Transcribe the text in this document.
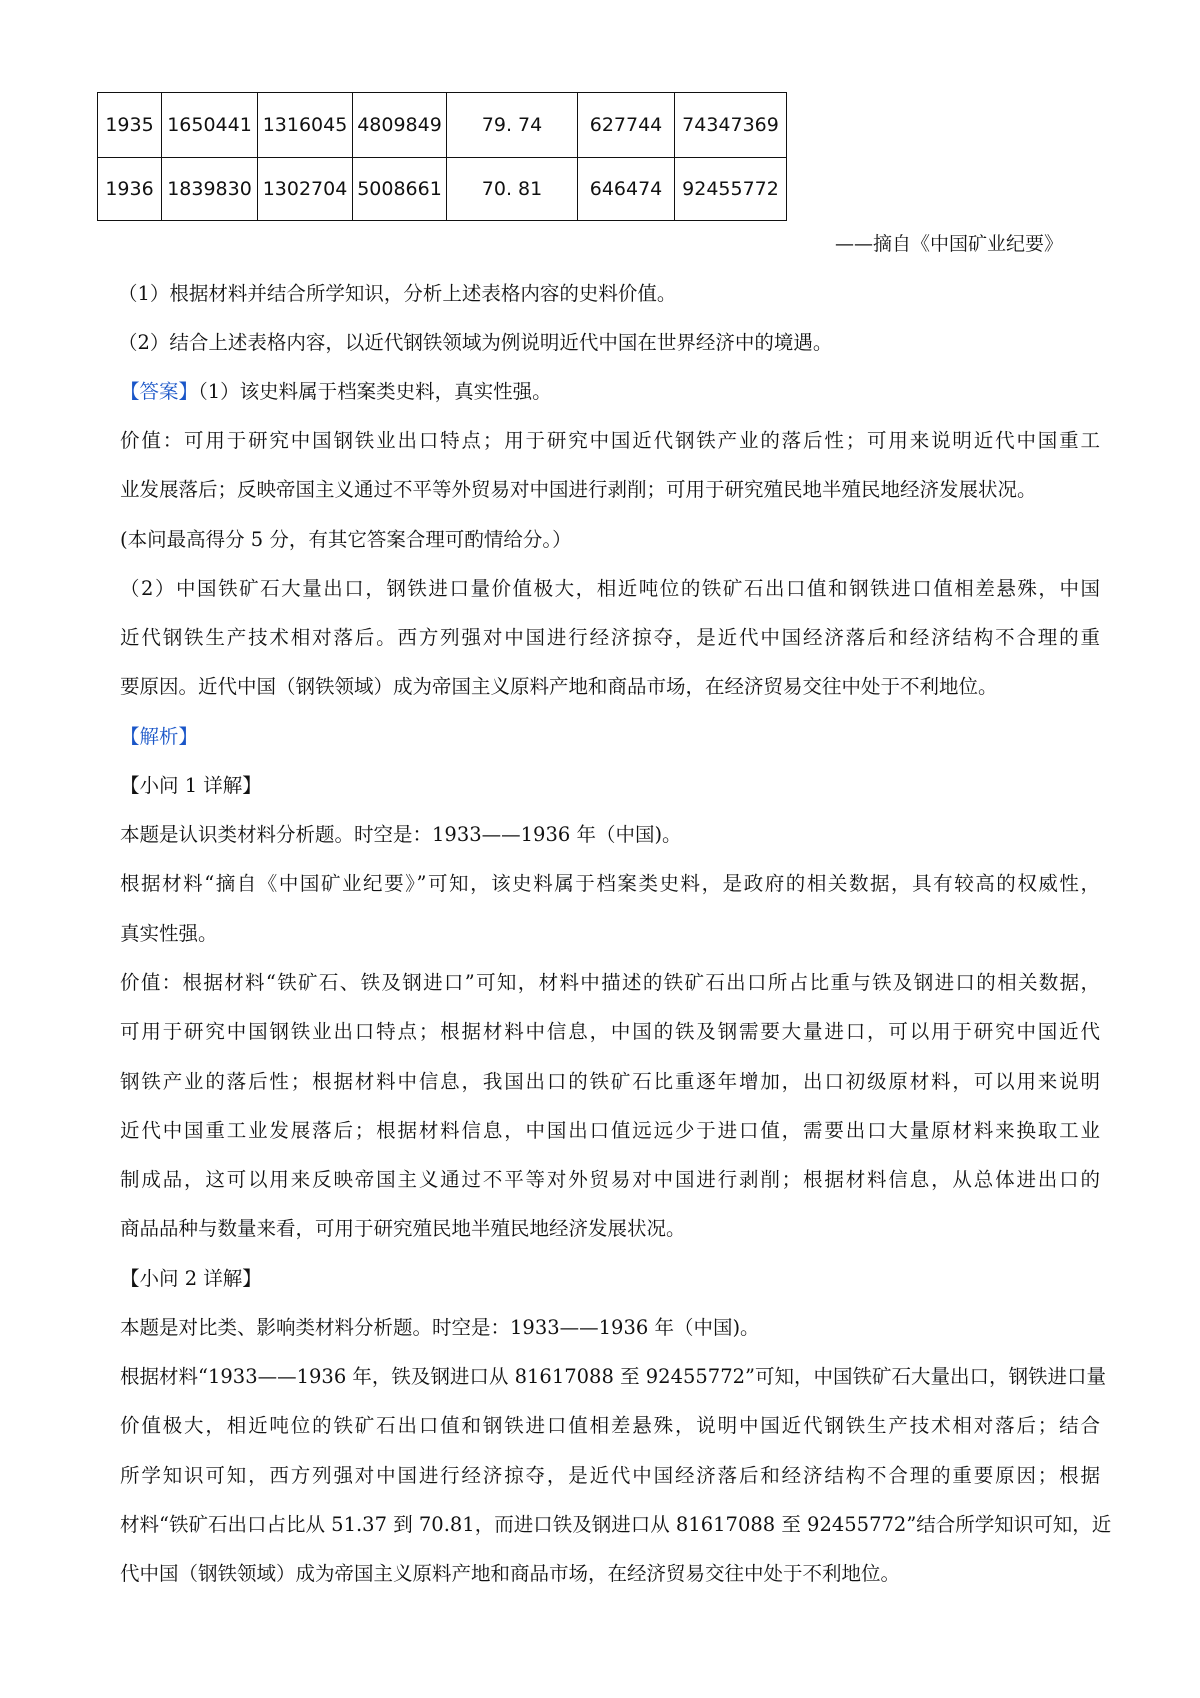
1935	1650441	1316045	4809849	79. 74	627744	74347369
1936	1839830	1302704	5008661	70. 81	646474	92455772
——摘自《中国矿业纪要》
（1）根据材料并结合所学知识，分析上述表格内容的史料价值。
（2）结合上述表格内容，以近代钢铁领域为例说明近代中国在世界经济中的境遇。
【答案】（1）该史料属于档案类史料，真实性强。
价值：可用于研究中国钢铁业出口特点；用于研究中国近代钢铁产业的落后性；可用来说明近代中国重工
业发展落后；反映帝国主义通过不平等外贸易对中国进行剥削；可用于研究殖民地半殖民地经济发展状况。
(本问最高得分 5 分，有其它答案合理可酌情给分。）
（2）中国铁矿石大量出口，钢铁进口量价值极大，相近吨位的铁矿石出口值和钢铁进口值相差悬殊，中国
近代钢铁生产技术相对落后。西方列强对中国进行经济掠夺，是近代中国经济落后和经济结构不合理的重
要原因。近代中国（钢铁领域）成为帝国主义原料产地和商品市场，在经济贸易交往中处于不利地位。
【解析】
【小问 1 详解】
本题是认识类材料分析题。时空是：1933——1936 年（中国)。
根据材料“摘自《中国矿业纪要》”可知，该史料属于档案类史料，是政府的相关数据，具有较高的权威性，
真实性强。
价值：根据材料“铁矿石、铁及钢进口”可知，材料中描述的铁矿石出口所占比重与铁及钢进口的相关数据，
可用于研究中国钢铁业出口特点；根据材料中信息，中国的铁及钢需要大量进口，可以用于研究中国近代
钢铁产业的落后性；根据材料中信息，我国出口的铁矿石比重逐年增加，出口初级原材料，可以用来说明
近代中国重工业发展落后；根据材料信息，中国出口值远远少于进口值，需要出口大量原材料来换取工业
制成品，这可以用来反映帝国主义通过不平等对外贸易对中国进行剥削；根据材料信息，从总体进出口的
商品品种与数量来看，可用于研究殖民地半殖民地经济发展状况。
【小问 2 详解】
本题是对比类、影响类材料分析题。时空是：1933——1936 年（中国)。
根据材料“1933——1936 年，铁及钢进口从 81617088 至 92455772”可知，中国铁矿石大量出口，钢铁进口量
价值极大，相近吨位的铁矿石出口值和钢铁进口值相差悬殊，说明中国近代钢铁生产技术相对落后；结合
所学知识可知，西方列强对中国进行经济掠夺，是近代中国经济落后和经济结构不合理的重要原因；根据
材料“铁矿石出口占比从 51.37 到 70.81，而进口铁及钢进口从 81617088 至 92455772”结合所学知识可知，近
代中国（钢铁领域）成为帝国主义原料产地和商品市场，在经济贸易交往中处于不利地位。
